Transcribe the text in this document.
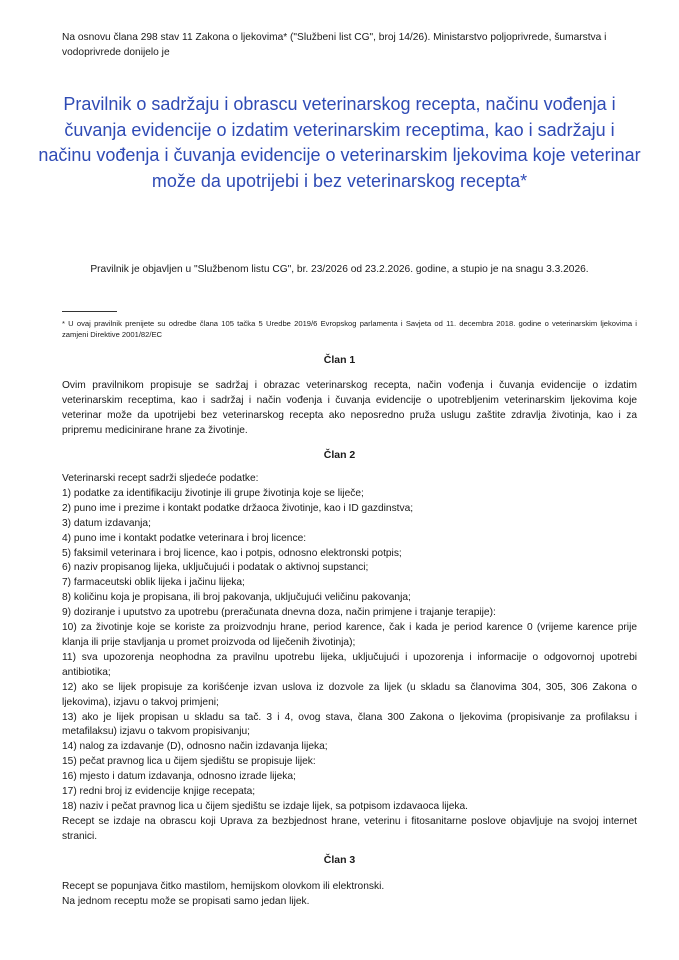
Na osnovu člana 298 stav 11 Zakona o ljekovima* ("Službeni list CG", broj 14/26). Ministarstvo poljoprivrede, šumarstva i vodoprivrede donijelo je
Pravilnik o sadržaju i obrascu veterinarskog recepta, načinu vođenja i čuvanja evidencije o izdatim veterinarskim receptima, kao i sadržaju i načinu vođenja i čuvanja evidencije o veterinarskim ljekovima koje veterinar može da upotrijebi i bez veterinarskog recepta*
Pravilnik je objavljen u "Službenom listu CG", br. 23/2026 od 23.2.2026. godine, a stupio je na snagu 3.3.2026.
* U ovaj pravilnik prenijete su odredbe člana 105 tačka 5 Uredbe 2019/6 Evropskog parlamenta i Savjeta od 11. decembra 2018. godine o veterinarskim ljekovima i zamjeni Direktive 2001/82/EC
Član 1
Ovim pravilnikom propisuje se sadržaj i obrazac veterinarskog recepta, način vođenja i čuvanja evidencije o izdatim veterinarskim receptima, kao i sadržaj i način vođenja i čuvanja evidencije o upotrebljenim veterinarskim ljekovima koje veterinar može da upotrijebi bez veterinarskog recepta ako neposredno pruža uslugu zaštite zdravlja životinja, kao i za pripremu medicinirane hrane za životinje.
Član 2
Veterinarski recept sadrži sljedeće podatke:
1) podatke za identifikaciju životinje ili grupe životinja koje se liječe;
2) puno ime i prezime i kontakt podatke držaoca životinje, kao i ID gazdinstva;
3) datum izdavanja;
4) puno ime i kontakt podatke veterinara i broj licence:
5) faksimil veterinara i broj licence, kao i potpis, odnosno elektronski potpis;
6) naziv propisanog lijeka, uključujući i podatak o aktivnoj supstanci;
7) farmaceutski oblik lijeka i jačinu lijeka;
8) količinu koja je propisana, ili broj pakovanja, uključujući veličinu pakovanja;
9) doziranje i uputstvo za upotrebu (preračunata dnevna doza, način primjene i trajanje terapije):
10) za životinje koje se koriste za proizvodnju hrane, period karence, čak i kada je period karence 0 (vrijeme karence prije klanja ili prije stavljanja u promet proizvoda od liječenih životinja);
11) sva upozorenja neophodna za pravilnu upotrebu lijeka, uključujući i upozorenja i informacije o odgovornoj upotrebi antibiotika;
12) ako se lijek propisuje za korišćenje izvan uslova iz dozvole za lijek (u skladu sa članovima 304, 305, 306 Zakona o ljekovima), izjavu o takvoj primjeni;
13) ako je lijek propisan u skladu sa tač. 3 i 4, ovog stava, člana 300 Zakona o ljekovima (propisivanje za profilaksu i metafilaksu) izjavu o takvom propisivanju;
14) nalog za izdavanje (D), odnosno način izdavanja lijeka;
15) pečat pravnog lica u čijem sjedištu se propisuje lijek:
16) mjesto i datum izdavanja, odnosno izrade lijeka;
17) redni broj iz evidencije knjige recepata;
18) naziv i pečat pravnog lica u čijem sjedištu se izdaje lijek, sa potpisom izdavaoca lijeka.
Recept se izdaje na obrascu koji Uprava za bezbjednost hrane, veterinu i fitosanitarne poslove objavljuje na svojoj internet stranici.
Član 3
Recept se popunjava čitko mastilom, hemijskom olovkom ili elektronski.
Na jednom receptu može se propisati samo jedan lijek.
